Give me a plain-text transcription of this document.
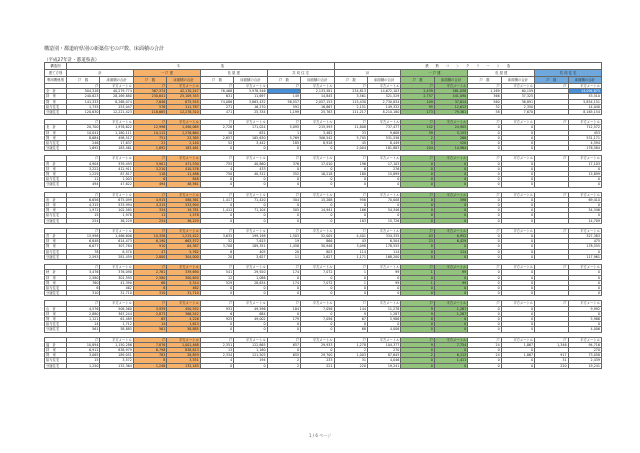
構造別・都道府県別の新築住宅の戸数、床面積の合計
（平成27年計・都道県表）
構造別	木　　　　　　　　　　　　造								鉄　　筋　　コ　　ン　　ク　　リ　　ー　　ト　　造							
建て方別	計		一 戸 建		長 屋 建		共 同 住 宅		計		一 戸 建		長 屋 建		共 同 住 宅	
利用関係別	戸　数	床面積の合計	戸　数	床面積の合計	戸　数	床面積の合計	戸　数	床面積の合計	戸　数	床面積の合計	戸　数	床面積の合計	戸　数	床面積の合計	戸　数	床面積の合計
	戸	平方メートル	戸	平方メートル	戸	平方メートル	戸	平方メートル	戸	平方メートル	戸	平方メートル	戸	平方メートル	戸	平方メートル
全　計	504,318	40,279,774	367,374	42,170,247	76,468	3,978,546		2,133,581	234,813	14,672,103	2,439	581,038	1,169	60,159		14,094,875
持　家	240,623	28,169,880	230,641	25,109,345	631	11,697	149	14,845	3,561	521,529	2,757	441,090	366	37,325		53,510
貸　家	141,333	8,268,074	7,646	675,555	74,086	3,863,432	56,557	2,057,153	115,430	2,730,834	109	37,614	560	36,891		5,854,151
給与住宅	1,735	153,047	576	111,787	271	16,270	591	16,867	2,151	149,332	95	12,613	32	2,350		14,040
分譲住宅	120,630	12,221,423	118,665	12,278,310	471	25,334	1,199	25,763	111,217	8,210,180	173	79,361	58	7,670		8,165,154

	戸	平方メートル	戸	平方メートル	戸	平方メートル	戸	平方メートル	戸	平方メートル	戸	平方メートル	戸	平方メートル	戸	平方メートル
北　計	20,700	1,976,622	12,996	1,490,065	2,726	171,024	5,095	215,593	11,808	737,477	142	24,905	0	0		712,572
持　家	10,041	1,180,111	10,112	1,276,664	10	631	1	3,482	33	9,608	39	5,153	0	0		453
貸　家	8,684	498,517	751	23,365	2,657	165,630	5,769	306,542	5,705	531,536	2	268	0	0		531,171
給与住宅	246	17,637	21	2,140	52	3,442	185	8,918	45	8,449	5	520	0	0		4,594
分譲住宅	1,692	183,461	1,692	183,461	0	0	0	0	2,004	181,883	104	14,964	0	0		176,584

	戸	平方メートル	戸	平方メートル	戸	平方メートル	戸	平方メートル	戸	平方メートル	戸	平方メートル	戸	平方メートル	戸	平方メートル
青　計	4,904	539,493	3,901	471,530	755	40,860	376	17,010	196	17,103	0	0	0	0		17,103
持　家	3,222	412,911	3,210	410,576	4	433	0	0	6	276	0	0	0	0		0
貸　家	1,229	87,817	118	11,486	750	40,312	352	16,218	180	15,899	0	0	0	0		15,899
給与住宅	11	1,003	6	848	0	0	0	0	0	0	0	0	0	0		0
分譲住宅	494	47,622	494	48,561	0	0	0	0	0	0	0	0	0	0		0

	戸	平方メートル	戸	平方メートル	戸	平方メートル	戸	平方メートル	戸	平方メートル	戸	平方メートル	戸	平方メートル	戸	平方メートル
岩　計	6,656	675,099	4,915	588,361	1,417	71,420	304	15,288	956	70,008	0	598	0	0		69,410
持　家	4,315	533,994	4,315	533,994	0	0	0	0	0	0	0	0	0	0		0
貸　家	1,972	102,585	334	19,781	1,412	71,104	305	14,941	166	54,346	0	0	0	0		54,346
給与住宅	15	1,978	11	1,578	0	0	0	0	0	0	0	0	0	0		0
分譲住宅	254	36,229	254	36,229	0	0	0	0	183	15,726	0	0	0	0		14,709

	戸	平方メートル	戸	平方メートル	戸	平方メートル	戸	平方メートル	戸	平方メートル	戸	平方メートル	戸	平方メートル	戸	平方メートル
宮　計	15,996	1,466,606	10,358	1,215,422	3,635	199,198	1,503	52,005	4,401	334,335	43	6,952	0	0		327,383
持　家	6,848	614,473	6,190	663,572	52	7,615	19	866	43	6,504	23	6,429	0	0		475
貸　家	6,677	307,784	910	64,387	3,708	189,351	1,458	50,946	3,098	178,555	0	0	0	0		178,555
給与住宅	78	8,570	47	5,762	6	405	20	803	114	114	0	114	0	0		0
分譲住宅	2,593	281,459	2,800	304,000	20	3,627	11	1,627	1,171	168,200	0	0	0	0		117,961

	戸	平方メートル	戸	平方メートル	戸	平方メートル	戸	平方メートル	戸	平方メートル	戸	平方メートル	戸	平方メートル	戸	平方メートル
秋　計	3,476	376,090	2,761	339,690	541	29,920	174	7,072	1	99	1	99	0	0		0
持　家	2,580	301,595	2,580	300,650	12	1,086	0	0	0	0	0	0	0	0		0
貸　家	760	41,390	66	5,314	529	28,634	174	7,072	1	99	1	99	0	0		0
給与住宅	6	462	6	462	0	0	0	0	0	0	0	0	0	0		0
分譲住宅	310	31,710	310	31,710	0	0	0	0	0	0	0	0	0	0		0

	戸	平方メートル	戸	平方メートル	戸	平方メートル	戸	平方メートル	戸	平方メートル	戸	平方メートル	戸	平方メートル	戸	平方メートル
山　計	4,576	508,560	3,939	450,552	931	49,596	184	7,056	144	11,278	9	1,287	0	0		9,992
持　家	2,880	367,244	2,873	366,542	6	684	0	0	9	1,287	9	1,287	0	0		0
貸　家	1,121	61,489	65	4,226	925	49,002	179	7,056	67	5,986	0	0	0	0		5,986
給与住宅	14	1,712	14	1,613	0	0	0	0	0	0	0	0	0	0		0
分譲住宅	561	58,885	561	58,885	0	0	0	0	68	4,006	0	0	0	0		4,006

	戸	平方メートル	戸	平方メートル	戸	平方メートル	戸	平方メートル	戸	平方メートル	戸	平方メートル	戸	平方メートル	戸	平方メートル
福　計	10,894	1,150,286	7,876	1,001,468	2,351	122,865	657	29,933	1,278	104,377	9	7,754	24	1,867	1,346	94,716
持　家	6,912	838,979	6,798	838,813	13	1,160	0	0	2	270	0	0	0	0		270
貸　家	3,065	189,051	783	28,859	2,334	121,505	655	29,700	1,003	87,645	2	6,113	24	1,867	917	73,058
給与住宅	15	3,572	8	3,551	4	194	2	233	31	4,046	0	1,411	0	0	31	2,439
分譲住宅	1,250	132,364	1,248	132,183	0	0	2	221	220	19,241	0	0	0	0	220	19,241

1 / 6 ページ
